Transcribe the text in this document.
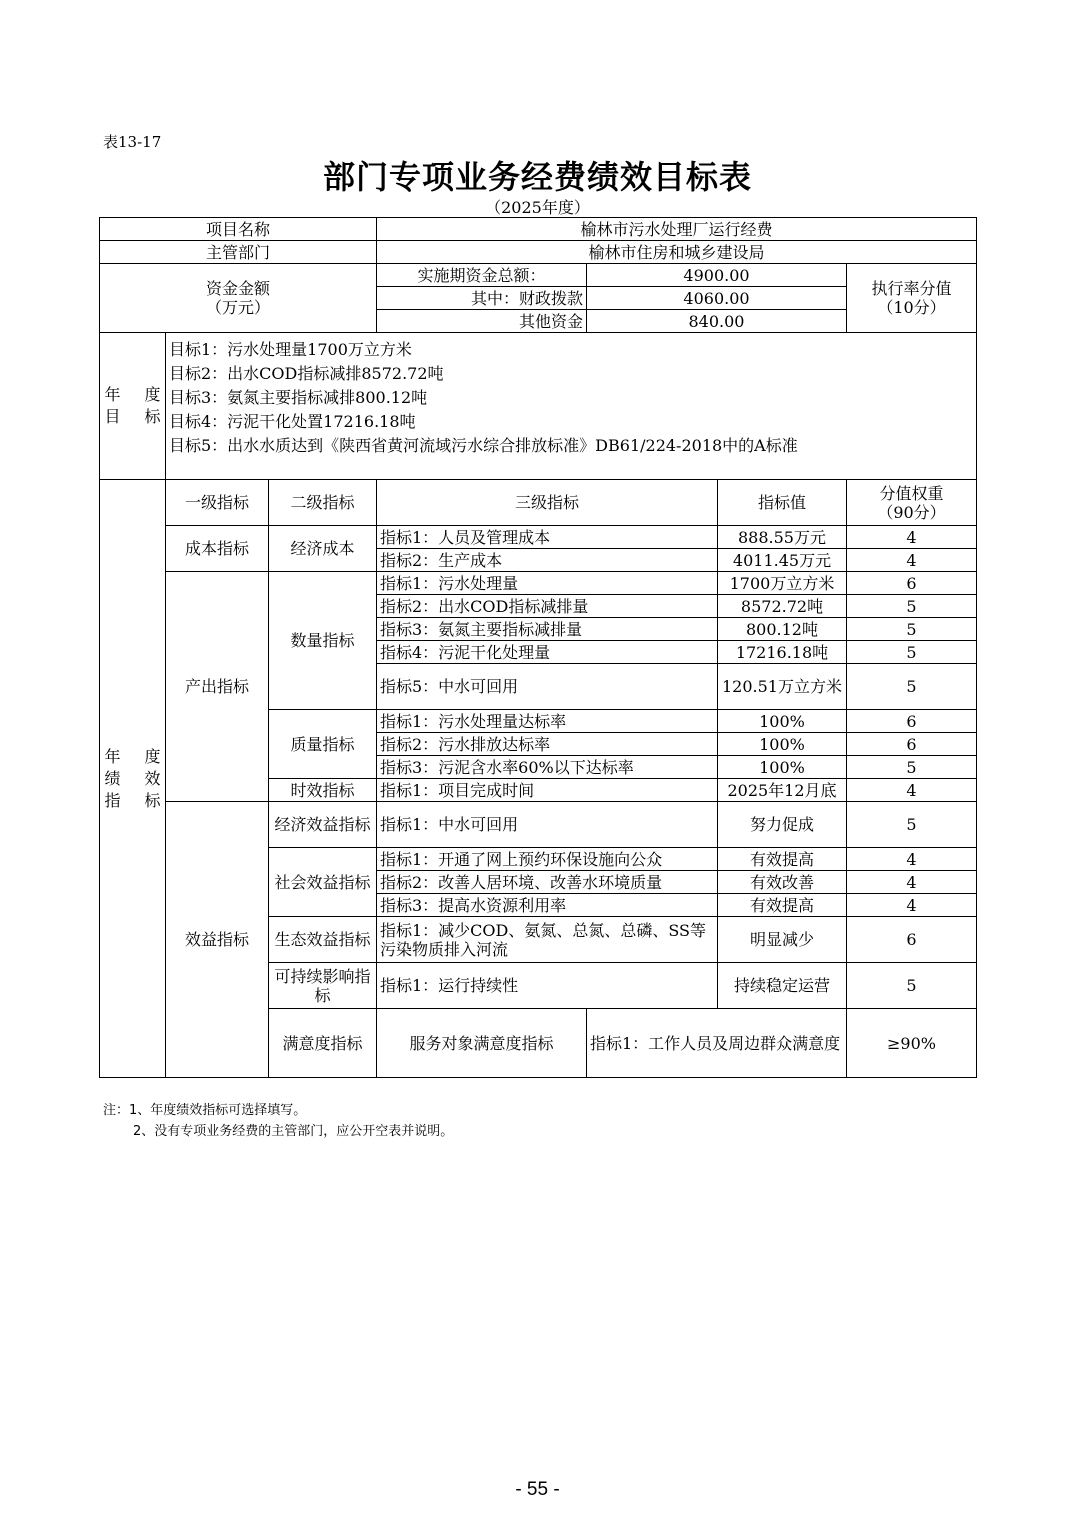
表13-17
部门专项业务经费绩效目标表
（2025年度）
项目名称			榆林市污水处理厂运行经费				
主管部门			榆林市住房和城乡建设局				

资金金额
（万元）			实施期资金总额：	4900.00		执行率分值
（10分）	

			其中：财政拨款	4060.00			
			其他资金	840.00			
年　度目　标	目标1：污水处理量1700万立方米
目标2：出水COD指标减排8572.72吨
目标3：氨氮主要指标减排800.12吨
目标4：污泥干化处置17216.18吨
目标5：出水水质达到《陕西省黄河流域污水综合排放标准》DB61/224-2018中的A标准						

年　度绩　效指　标	一级指标	二级指标	三级指标		指标值	分值权重
（90分）	

	成本指标	经济成本	指标1：人员及管理成本		888.55万元	4	
			指标2：生产成本		4011.45万元	4	
	产出指标	数量指标	指标1：污水处理量		1700万立方米	6	
			指标2：出水COD指标减排量		8572.72吨	5	
			指标3：氨氮主要指标减排量		800.12吨	5	
			指标4：污泥干化处理量		17216.18吨	5	
			指标5：中水可回用		120.51万立方米	5	
		质量指标	指标1：污水处理量达标率		100%	6	
			指标2：污水排放达标率		100%	6	
			指标3：污泥含水率60%以下达标率		100%	5	
		时效指标	指标1：项目完成时间		2025年12月底	4	
	效益指标	经济效益指标	指标1：中水可回用		努力促成	5	
		社会效益指标	指标1：开通了网上预约环保设施向公众		有效提高	4	
			指标2：改善人居环境、改善水环境质量		有效改善	4	
			指标3：提高水资源利用率		有效提高	4	
		生态效益指标	指标1：减少COD、氨氮、总氮、总磷、SS等污染物质排入河流		明显减少	6	
		可持续影响指标	指标1：运行持续性		持续稳定运营	5	
		满意度指标	服务对象满意度指标	指标1：工作人员及周边群众满意度		≥90%	
注：1、年度绩效指标可选择填写。
2、没有专项业务经费的主管部门，应公开空表并说明。
- 55 -
